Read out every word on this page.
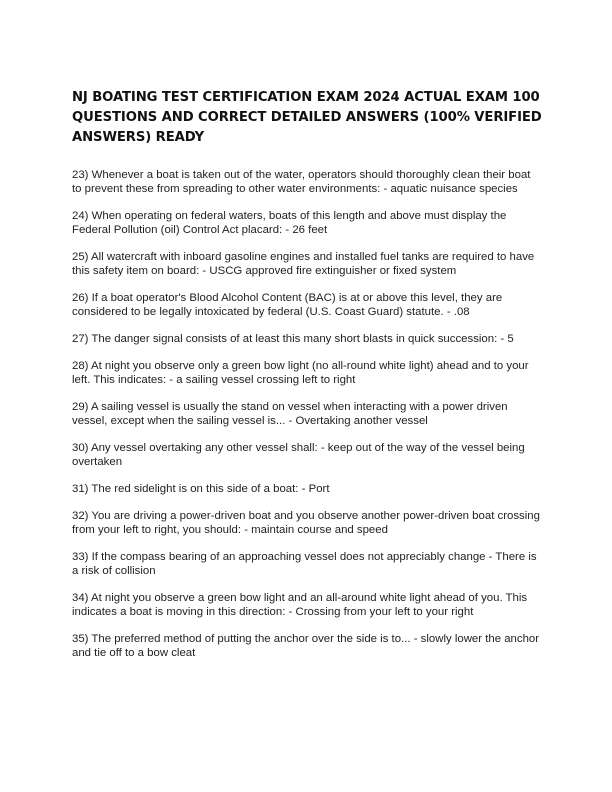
NJ BOATING TEST CERTIFICATION EXAM 2024 ACTUAL EXAM 100 QUESTIONS AND CORRECT DETAILED ANSWERS (100% VERIFIED ANSWERS) READY
23) Whenever a boat is taken out of the water, operators should thoroughly clean their boat to prevent these from spreading to other water environments: - aquatic nuisance species
24) When operating on federal waters, boats of this length and above must display the Federal Pollution (oil) Control Act placard: - 26 feet
25) All watercraft with inboard gasoline engines and installed fuel tanks are required to have this safety item on board: - USCG approved fire extinguisher or fixed system
26) If a boat operator's Blood Alcohol Content (BAC) is at or above this level, they are considered to be legally intoxicated by federal (U.S. Coast Guard) statute. - .08
27) The danger signal consists of at least this many short blasts in quick succession: - 5
28) At night you observe only a green bow light (no all-round white light) ahead and to your left. This indicates: - a sailing vessel crossing left to right
29) A sailing vessel is usually the stand on vessel when interacting with a power driven vessel, except when the sailing vessel is... - Overtaking another vessel
30) Any vessel overtaking any other vessel shall: - keep out of the way of the vessel being overtaken
31) The red sidelight is on this side of a boat: - Port
32) You are driving a power-driven boat and you observe another power-driven boat crossing from your left to right, you should: - maintain course and speed
33) If the compass bearing of an approaching vessel does not appreciably change - There is a risk of collision
34) At night you observe a green bow light and an all-around white light ahead of you. This indicates a boat is moving in this direction: - Crossing from your left to your right
35) The preferred method of putting the anchor over the side is to... - slowly lower the anchor and tie off to a bow cleat
